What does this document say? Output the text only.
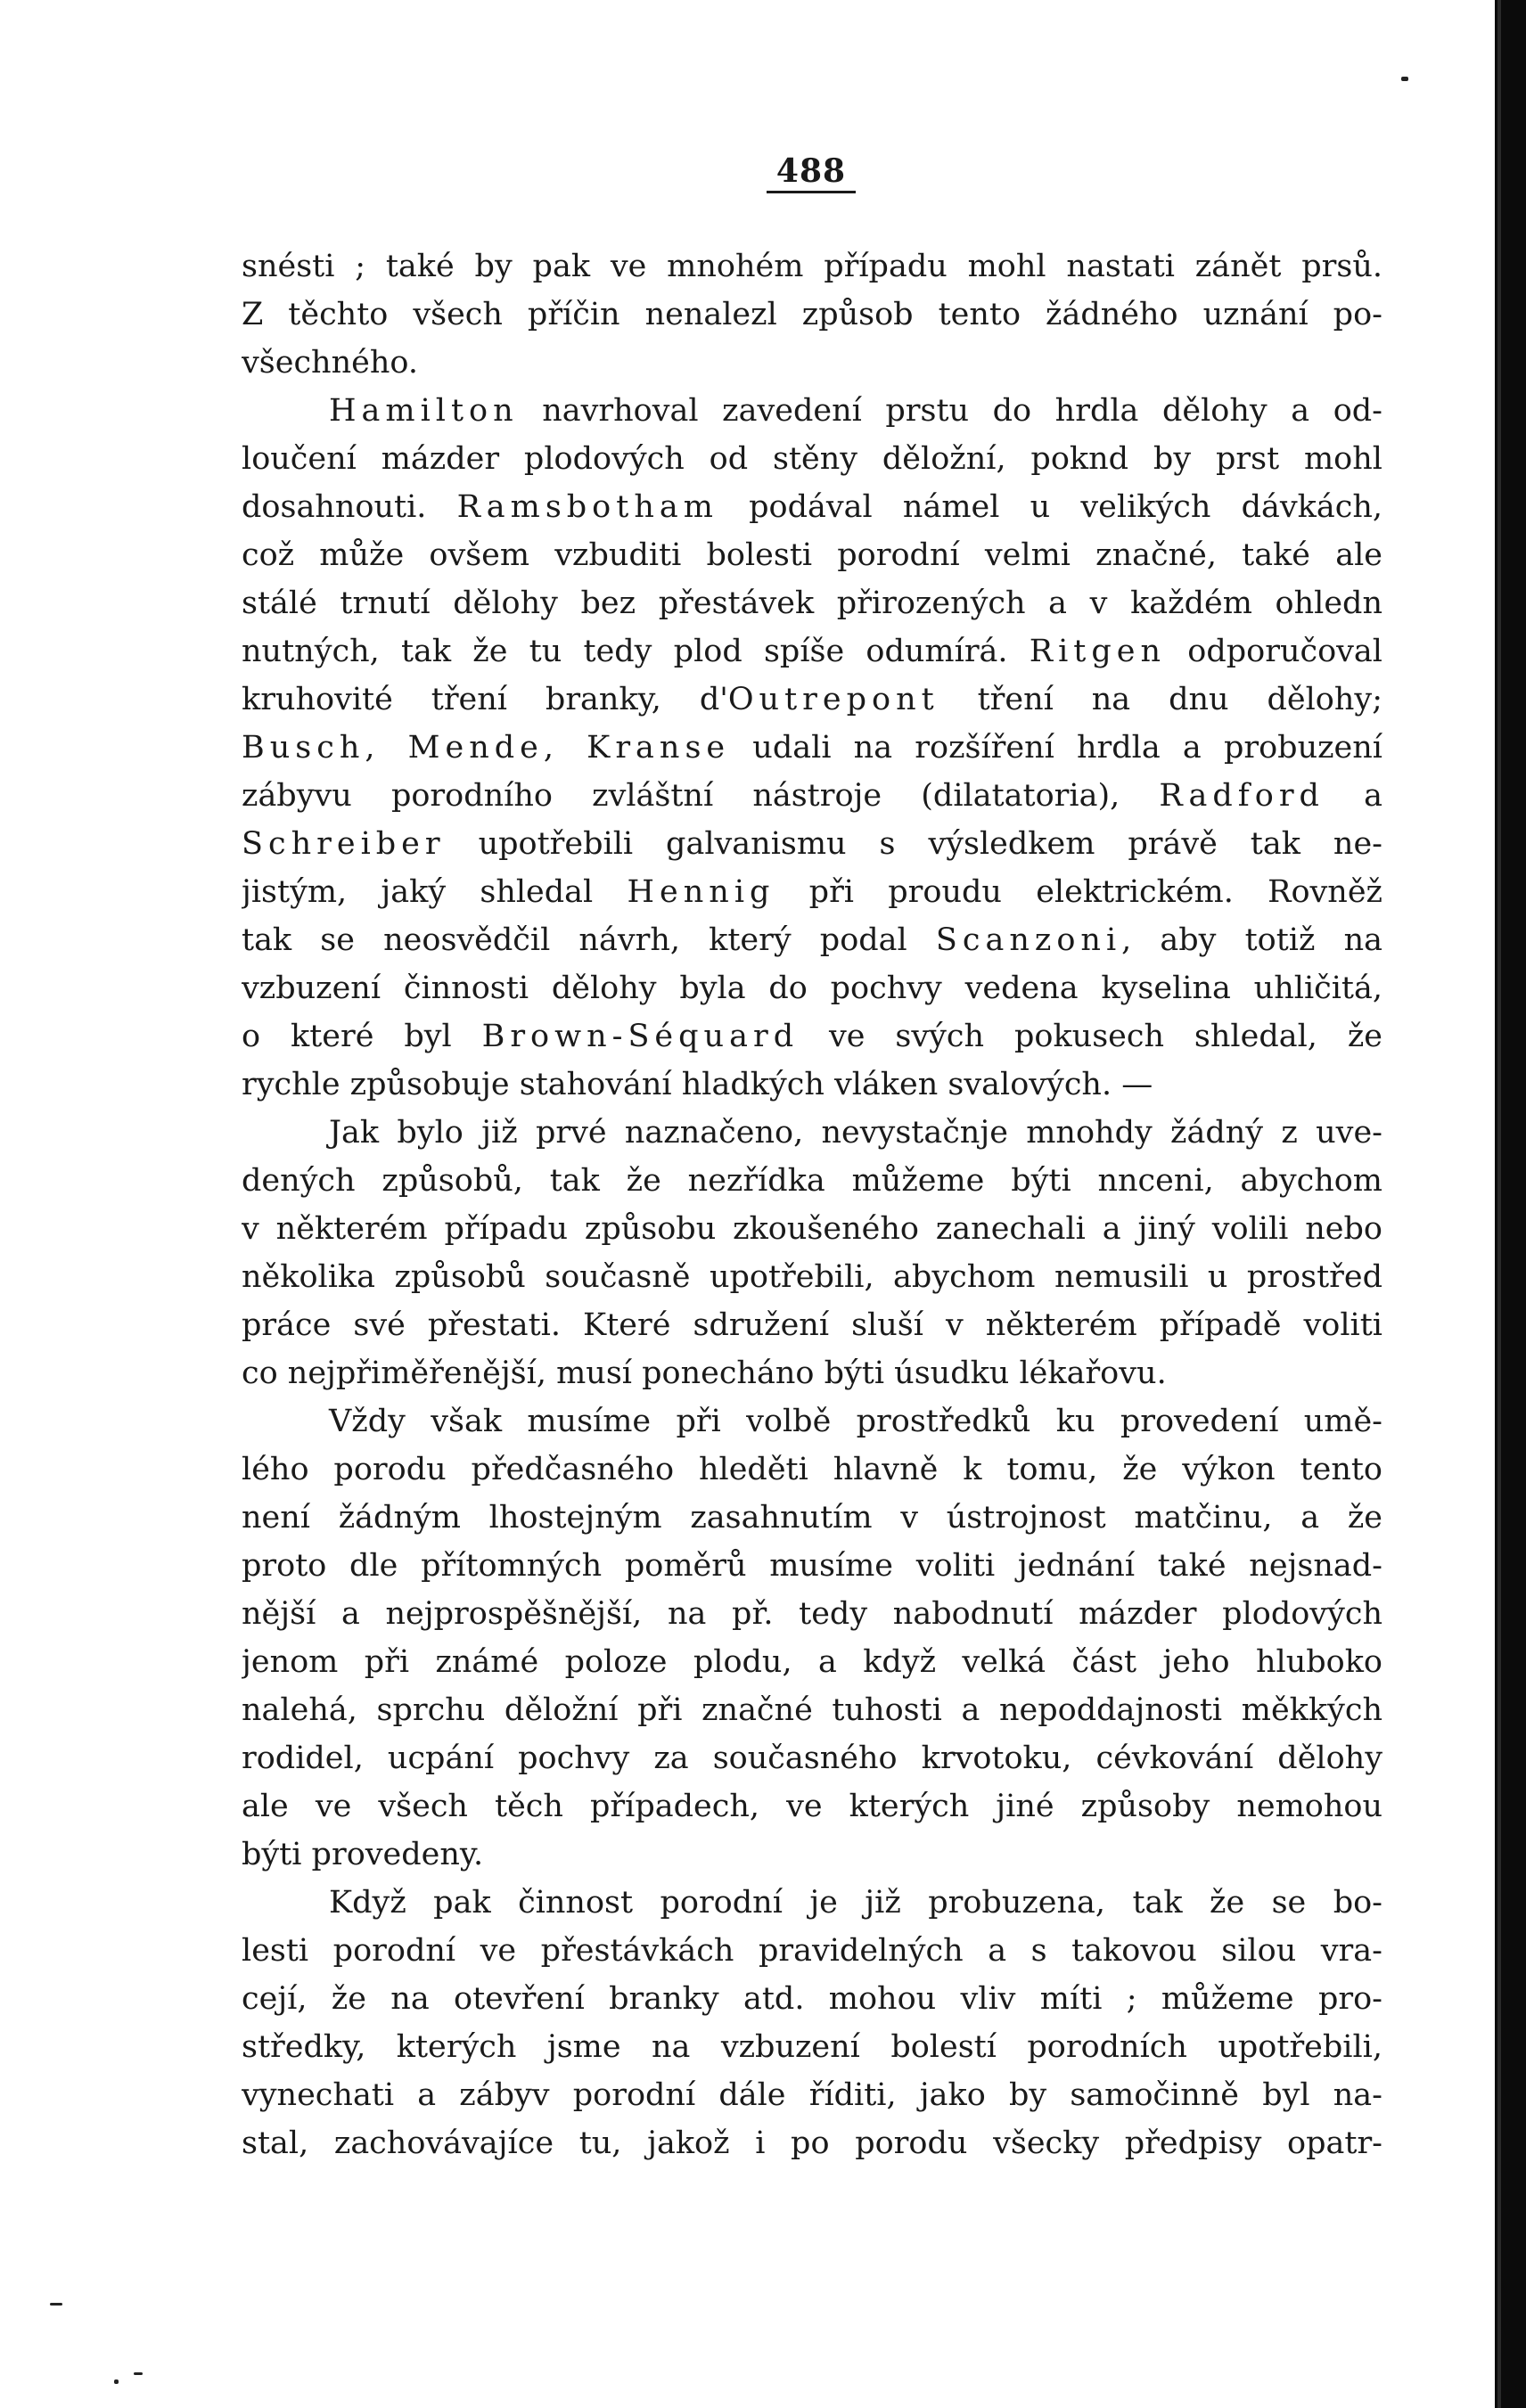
488
snésti ; také by pak ve mnohém případu mohl nastati zánět prsů.
Z těchto všech příčin nenalezl způsob tento žádného uznání po-
všechného.
Hamilton navrhoval zavedení prstu do hrdla dělohy a od-
loučení mázder plodových od stěny děložní, poknd by prst mohl
dosahnouti. Ramsbotham podával námel u velikých dávkách,
což může ovšem vzbuditi bolesti porodní velmi značné, také ale
stálé trnutí dělohy bez přestávek přirozených a v každém ohledn
nutných, tak že tu tedy plod spíše odumírá. Ritgen odporučoval
kruhovité tření branky, d'Outrepont tření na dnu dělohy;
Busch, Mende, Kranse udali na rozšíření hrdla a probuzení
zábyvu porodního zvláštní nástroje (dilatatoria), Radford a
Schreiber upotřebili galvanismu s výsledkem právě tak ne-
jistým, jaký shledal Hennig při proudu elektrickém. Rovněž
tak se neosvědčil návrh, který podal Scanzoni, aby totiž na
vzbuzení činnosti dělohy byla do pochvy vedena kyselina uhličitá,
o které byl Brown-Séquard ve svých pokusech shledal, že
rychle způsobuje stahování hladkých vláken svalových. —
Jak bylo již prvé naznačeno, nevystačnje mnohdy žádný z uve-
dených způsobů, tak že nezřídka můžeme býti nnceni, abychom
v některém případu způsobu zkoušeného zanechali a jiný volili nebo
několika způsobů současně upotřebili, abychom nemusili u prostřed
práce své přestati. Které sdružení sluší v některém případě voliti
co nejpřiměřenější, musí ponecháno býti úsudku lékařovu.
Vždy však musíme při volbě prostředků ku provedení umě-
lého porodu předčasného hleděti hlavně k tomu, že výkon tento
není žádným lhostejným zasahnutím v ústrojnost matčinu, a že
proto dle přítomných poměrů musíme voliti jednání také nejsnad-
nější a nejprospěšnější, na př. tedy nabodnutí mázder plodových
jenom při známé poloze plodu, a když velká část jeho hluboko
nalehá, sprchu děložní při značné tuhosti a nepoddajnosti měkkých
rodidel, ucpání pochvy za současného krvotoku, cévkování dělohy
ale ve všech těch případech, ve kterých jiné způsoby nemohou
býti provedeny.
Když pak činnost porodní je již probuzena, tak že se bo-
lesti porodní ve přestávkách pravidelných a s takovou silou vra-
cejí, že na otevření branky atd. mohou vliv míti ; můžeme pro-
středky, kterých jsme na vzbuzení bolestí porodních upotřebili,
vynechati a zábyv porodní dále říditi, jako by samočinně byl na-
stal, zachovávajíce tu, jakož i po porodu všecky předpisy opatr-
